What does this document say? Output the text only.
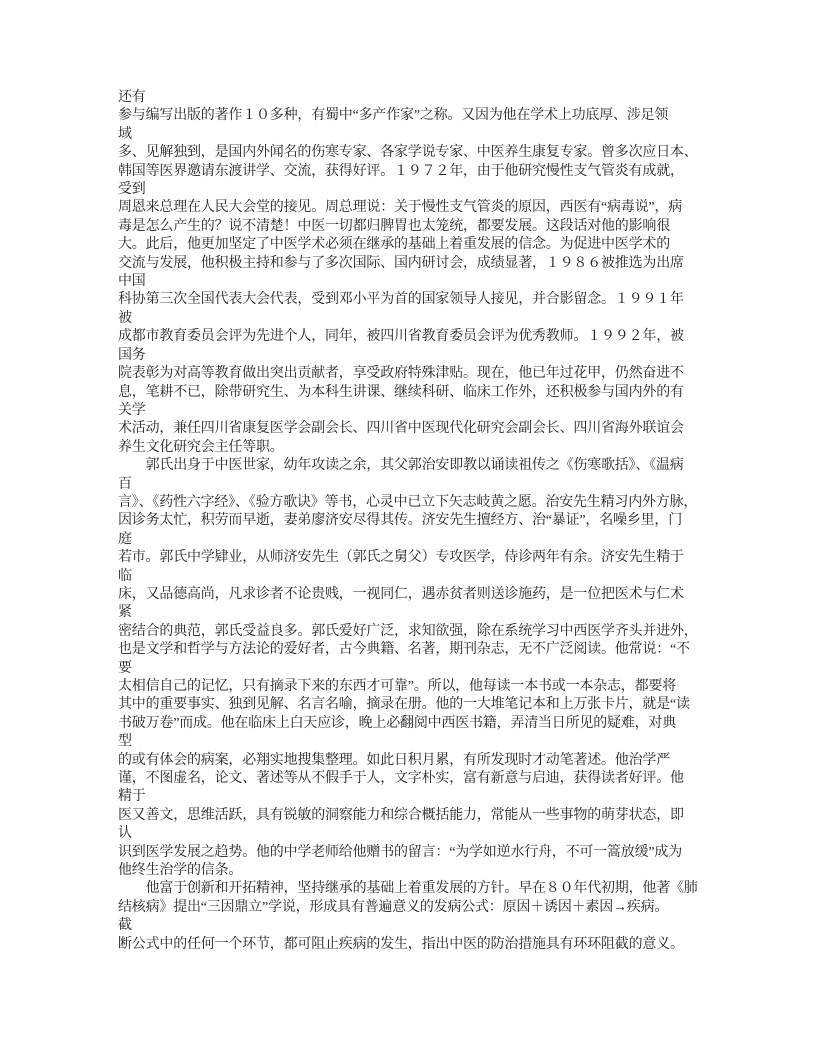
还有
参与编写出版的著作１０多种，有蜀中“多产作家”之称。又因为他在学术上功底厚、涉足领
域
多、见解独到，是国内外闻名的伤寒专家、各家学说专家、中医养生康复专家。曾多次应日本、
韩国等医界邀请东渡讲学、交流，获得好评。１９７２年，由于他研究慢性支气管炎有成就，
受到
周恩来总理在人民大会堂的接见。周总理说：关于慢性支气管炎的原因，西医有“病毒说”，病
毒是怎么产生的？说不清楚！中医一切都归脾胃也太笼统，都要发展。这段话对他的影响很
大。此后，他更加坚定了中医学术必须在继承的基础上着重发展的信念。为促进中医学术的
交流与发展，他积极主持和参与了多次国际、国内研讨会，成绩显著，１９８６被推选为出席
中国
科协第三次全国代表大会代表，受到邓小平为首的国家领导人接见，并合影留念。１９９１年
被
成都市教育委员会评为先进个人，同年，被四川省教育委员会评为优秀教师。１９９２年，被
国务
院表彰为对高等教育做出突出贡献者，享受政府特殊津贴。现在，他已年过花甲，仍然奋进不
息，笔耕不已，除带研究生、为本科生讲课、继续科研、临床工作外，还积极参与国内外的有
关学
术活动，兼任四川省康复医学会副会长、四川省中医现代化研究会副会长、四川省海外联谊会
养生文化研究会主任等职。
　　郭氏出身于中医世家，幼年攻读之余，其父郭治安即教以诵读祖传之《伤寒歌括》、《温病
百
言》、《药性六字经》、《验方歌诀》等书，心灵中已立下矢志岐黄之愿。治安先生精习内外方脉，
因诊务太忙，积劳而早逝，妻弟廖济安尽得其传。济安先生擅经方、治“暴证”，名噪乡里，门
庭
若市。郭氏中学肄业，从师济安先生（郭氏之舅父）专攻医学，侍诊两年有余。济安先生精于
临
床，又品德高尚，凡求诊者不论贵贱，一视同仁，遇赤贫者则送诊施药，是一位把医术与仁术
紧
密结合的典范，郭氏受益良多。郭氏爱好广泛，求知欲强，除在系统学习中西医学齐头并进外，
也是文学和哲学与方法论的爱好者，古今典籍、名著，期刊杂志，无不广泛阅读。他常说：“不
要
太相信自己的记忆，只有摘录下来的东西才可靠”。所以，他每读一本书或一本杂志，都要将
其中的重要事实、独到见解、名言名喻，摘录在册。他的一大堆笔记本和上万张卡片，就是“读
书破万卷”而成。他在临床上白天应诊，晚上必翻阅中西医书籍，弄清当日所见的疑难，对典
型
的或有体会的病案，必翔实地搜集整理。如此日积月累，有所发现时才动笔著述。他治学严
谨，不图虚名，论文、著述等从不假手于人，文字朴实，富有新意与启迪，获得读者好评。他
精于
医又善文，思维活跃，具有锐敏的洞察能力和综合概括能力，常能从一些事物的萌芽状态，即
认
识到医学发展之趋势。他的中学老师给他赠书的留言：“为学如逆水行舟，不可一篙放缓”成为
他终生治学的信条。
　　他富于创新和开拓精神，坚持继承的基础上着重发展的方针。早在８０年代初期，他著《肺
结核病》提出“三因鼎立”学说，形成具有普遍意义的发病公式：原因＋诱因＋素因→疾病。
截
断公式中的任何一个环节，都可阻止疾病的发生，指出中医的防治措施具有环环阻截的意义。
